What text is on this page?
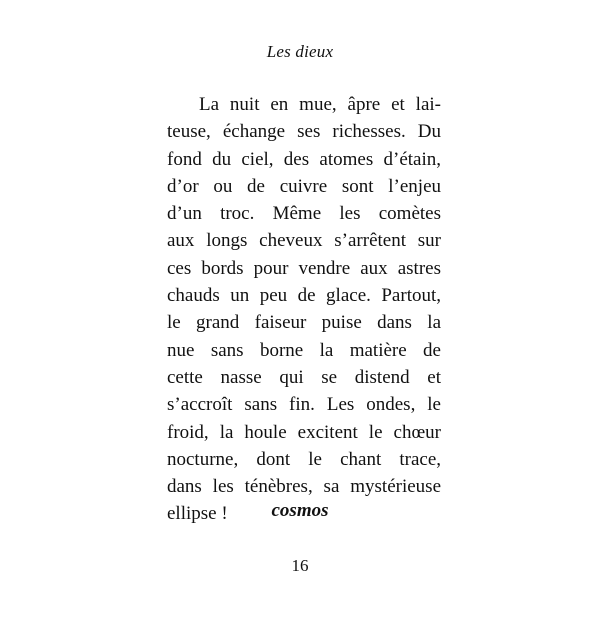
Les dieux
La nuit en mue, âpre et lai-
teuse, échange ses richesses. Du
fond du ciel, des atomes d’étain,
d’or ou de cuivre sont l’enjeu
d’un troc. Même les comètes
aux longs cheveux s’arrêtent sur
ces bords pour vendre aux astres
chauds un peu de glace. Partout,
le grand faiseur puise dans la
nue sans borne la matière de
cette nasse qui se distend et
s’accroît sans fin. Les ondes, le
froid, la houle excitent le chœur
nocturne, dont le chant trace,
dans les ténèbres, sa mystérieuse
ellipse !	cosmos
16
